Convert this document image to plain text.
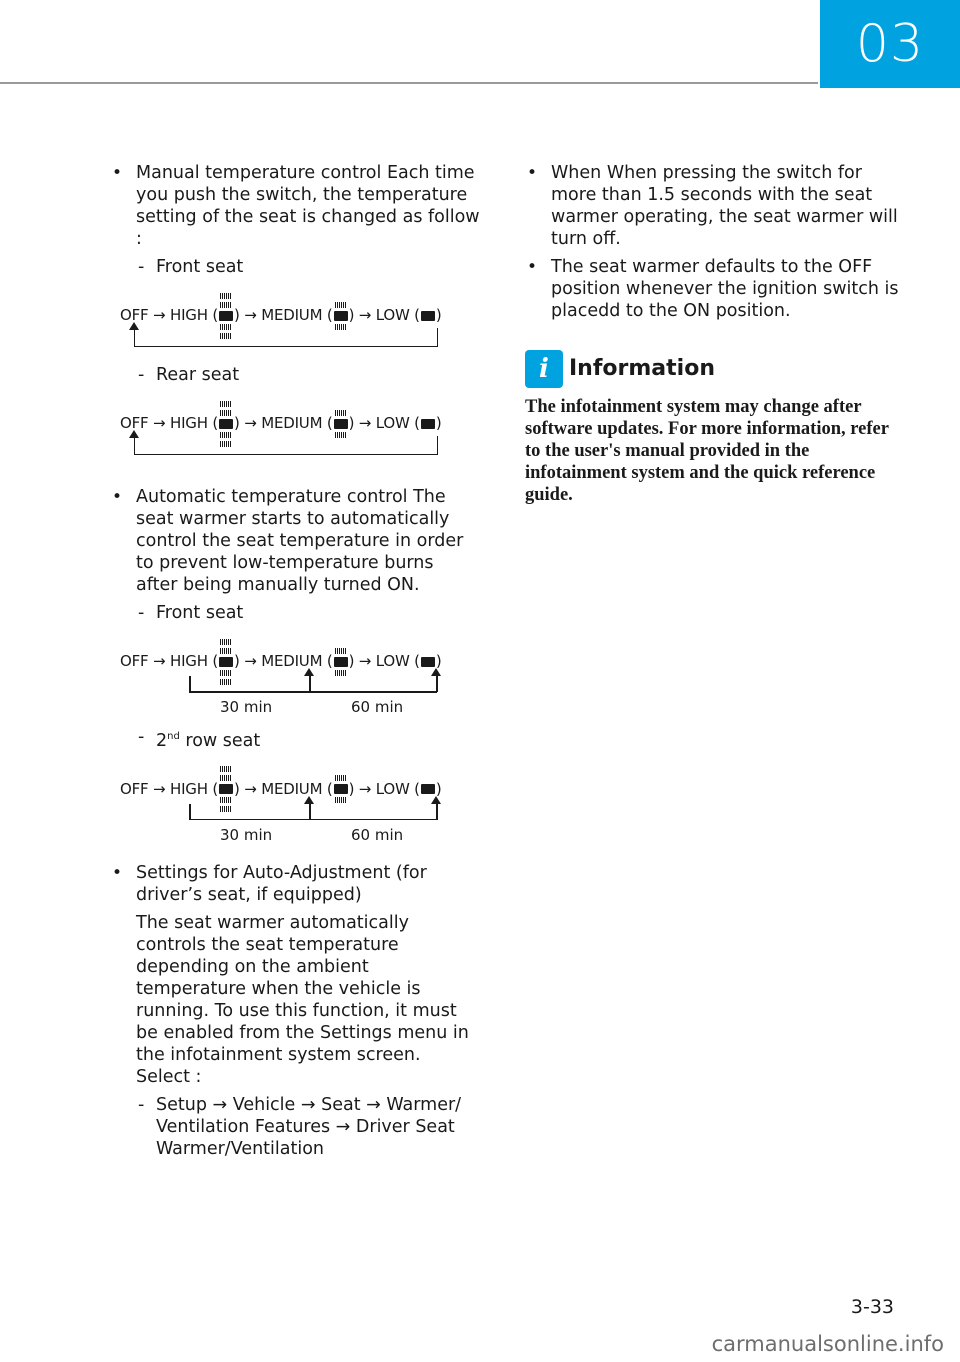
03

• Manual temperature control Each time you push the switch, the temperature setting of the seat is changed as follow :

- Front seat
OFF → HIGH ( ) → MEDIUM ( ) → LOW ( )
- Rear seat
OFF → HIGH ( ) → MEDIUM ( ) → LOW ( )

• Automatic temperature control The seat warmer starts to automatically control the seat temperature in order to prevent low-temperature burns after being manually turned ON.

- Front seat
OFF → HIGH ( ) → MEDIUM ( ) → LOW ( )
30 min	60 min
- 2nd row seat
OFF → HIGH ( ) → MEDIUM ( ) → LOW ( )
30 min	60 min

• Settings for Auto-Adjustment (for driver’s seat, if equipped)

The seat warmer automatically controls the seat temperature depending on the ambient temperature when the vehicle is running. To use this function, it must be enabled from the Settings menu in the infotainment system screen. Select :
- Setup → Vehicle → Seat → Warmer/ Ventilation Features → Driver Seat Warmer/Ventilation

• When When pressing the switch for more than 1.5 seconds with the seat warmer operating, the seat warmer will turn off.

• The seat warmer defaults to the OFF position whenever the ignition switch is placedd to the ON position.

i Information
The infotainment system may change after software updates. For more information, refer to the user's manual provided in the infotainment system and the quick reference guide.
3-33
carmanualsonline.info
